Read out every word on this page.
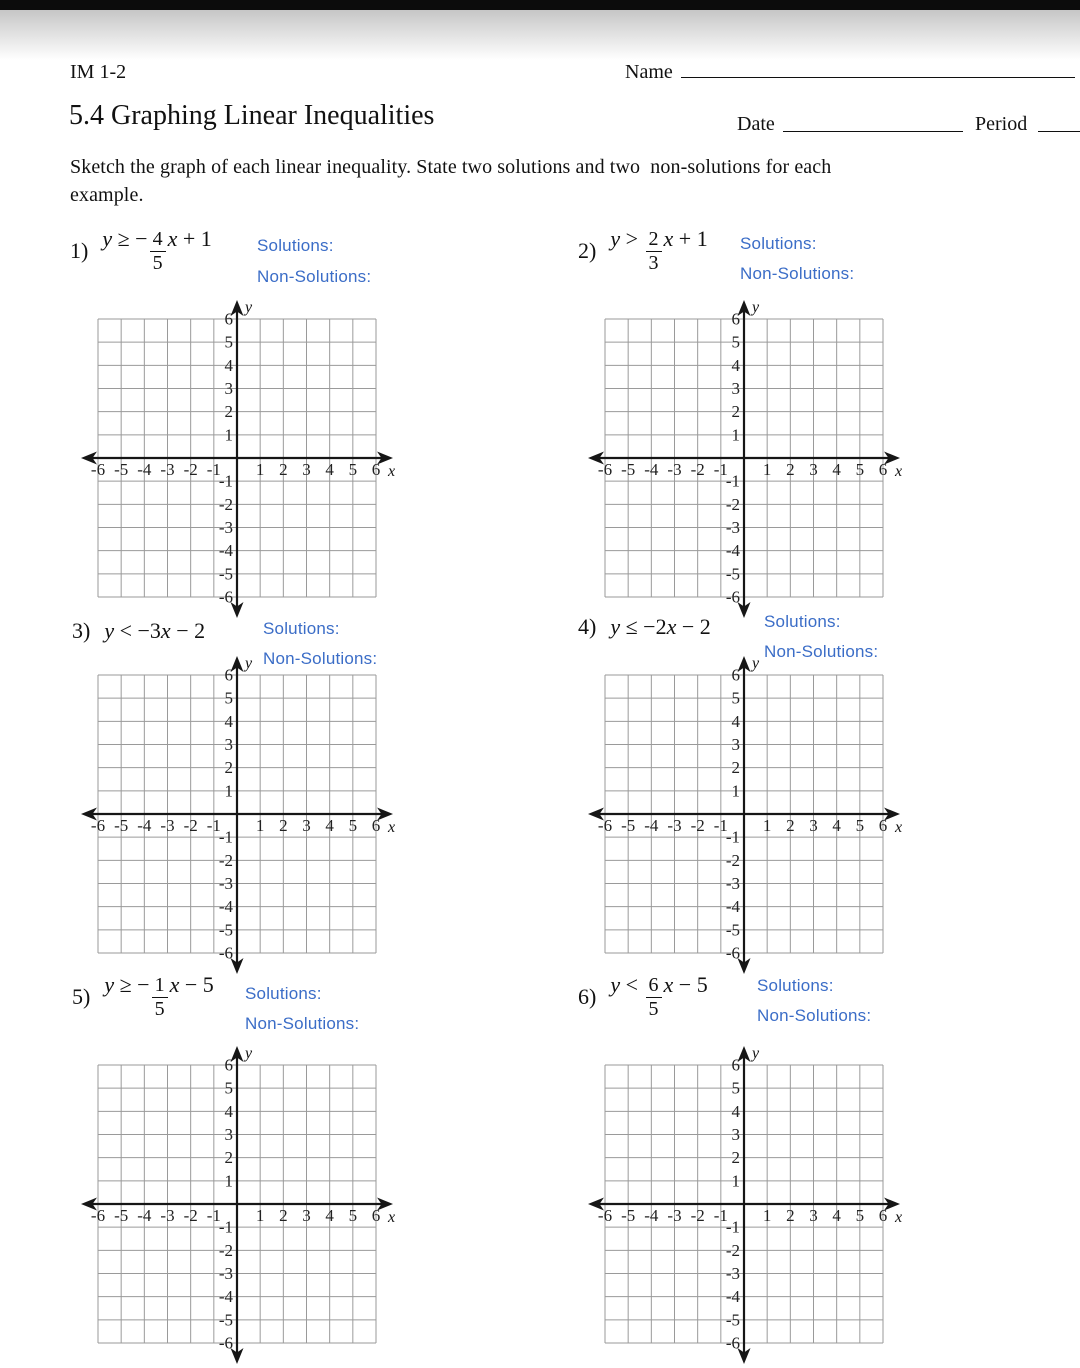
IM 1-2	Name
5.4 Graphing Linear Inequalities	Date	Period
Sketch the graph of each linear inequality. State two solutions and two  non-solutions for each
example.
1) y ≥ − $\frac{4}{5}$ x + 1	Solutions:
Non-Solutions:
-6 -5 -4 -3 -2 -1 1 2 3 4 5 6
6
5
4
3
2
1
-1
-2
-3
-4
-5
-6
y
x
2) $y > \frac{2}{3}$ x + 1 Solutions:
Non-Solutions:
-6 -5 -4 -3 -2 -1 1 2 3 4 5 6
6
5
4
3
2
1
-1
-2
-3
-4
-5
-6
y
x
3) y < −3x − 2	Solutions:
Non-Solutions:
-6 -5 -4 -3 -2 -1 1 2 3 4 5 6
6
5
4
3
2
1
-1
-2
-3
-4
-5
-6
y
x
4) y ≤ −2x − 2	Solutions:
Non-Solutions:
-6 -5 -4 -3 -2 -1 1 2 3 4 5 6
6
5
4
3
2
1
-1
-2
-3
-4
-5
-6
y
x
5) y ≥ − $\frac{1}{5}$ x − 5 Solutions:
Non-Solutions:
-6 -5 -4 -3 -2 -1 1 2 3 4 5 6
6
5
4
3
2
1
-1
-2
-3
-4
-5
-6
y
x
6) $y < \frac{6}{5}$ x − 5	Solutions:
Non-Solutions:
-6 -5 -4 -3 -2 -1 1 2 3 4 5 6
6
5
4
3
2
1
-1
-2
-3
-4
-5
-6
y
x
